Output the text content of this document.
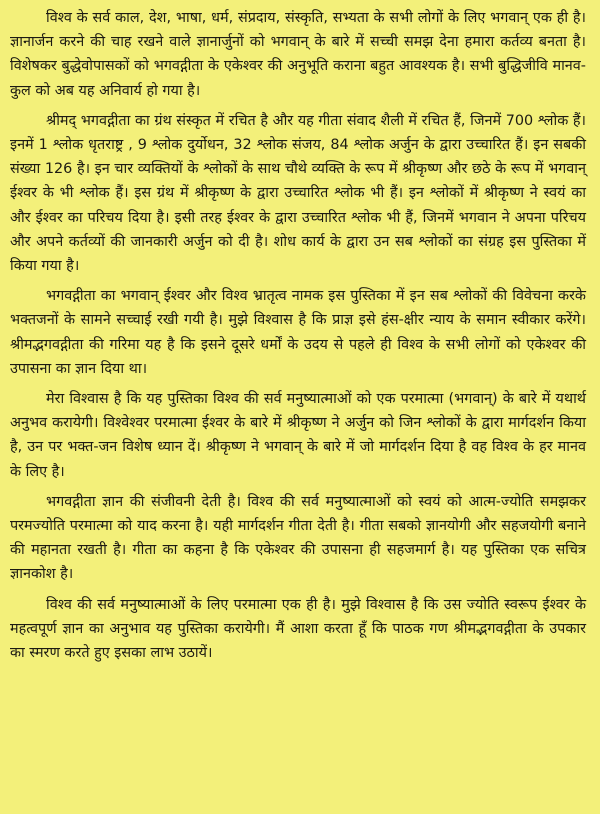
विश्व के सर्व काल, देश, भाषा, धर्म, संप्रदाय, संस्कृति, सभ्यता के सभी लोगों के लिए भगवान् एक ही है। ज्ञानार्जन करने की चाह रखने वाले ज्ञानार्जुनों को भगवान् के बारे में सच्ची समझ देना हमारा कर्तव्य बनता है। विशेषकर बुद्धेवोपासकों को भगवद्गीता के एकेश्वर की अनुभूति कराना बहुत आवश्यक है। सभी बुद्धिजीवि मानव-कुल को अब यह अनिवार्य हो गया है।

श्रीमद् भगवद्गीता का ग्रंथ संस्कृत में रचित है और यह गीता संवाद शैली में रचित हैं, जिनमें 700 श्लोक हैं। इनमें 1 श्लोक धृतराष्ट्र , 9 श्लोक दुर्योधन, 32 श्लोक संजय, 84 श्लोक अर्जुन के द्वारा उच्चारित हैं। इन सबकी संख्या 126 है। इन चार व्यक्तियों के श्लोकों के साथ चौथे व्यक्ति के रूप में श्रीकृष्ण और छठे के रूप में भगवान् ईश्वर के भी श्लोक हैं। इस ग्रंथ में श्रीकृष्ण के द्वारा उच्चारित श्लोक भी हैं। इन श्लोकों में श्रीकृष्ण ने स्वयं का और ईश्वर का परिचय दिया है। इसी तरह ईश्वर के द्वारा उच्चारित श्लोक भी हैं, जिनमें भगवान ने अपना परिचय और अपने कर्तव्यों की जानकारी अर्जुन को दी है। शोध कार्य के द्वारा उन सब श्लोकों का संग्रह इस पुस्तिका में किया गया है।

भगवद्गीता का भगवान् ईश्वर और विश्व भ्रातृत्व नामक इस पुस्तिका में इन सब श्लोकों की विवेचना करके भक्तजनों के सामने सच्चाई रखी गयी है। मुझे विश्वास है कि प्राज्ञ इसे हंस-क्षीर न्याय के समान स्वीकार करेंगे। श्रीमद्भगवद्गीता की गरिमा यह है कि इसने दूसरे धर्मों के उदय से पहले ही विश्व के सभी लोगों को एकेश्वर की उपासना का ज्ञान दिया था।

मेरा विश्वास है कि यह पुस्तिका विश्व की सर्व मनुष्यात्माओं को एक परमात्मा (भगवान्) के बारे में यथार्थ अनुभव करायेगी। विश्वेश्वर परमात्मा ईश्वर के बारे में श्रीकृष्ण ने अर्जुन को जिन श्लोकों के द्वारा मार्गदर्शन किया है, उन पर भक्त-जन विशेष ध्यान दें। श्रीकृष्ण ने भगवान् के बारे में जो मार्गदर्शन दिया है वह विश्व के हर मानव के लिए है।

भगवद्गीता ज्ञान की संजीवनी देती है। विश्व की सर्व मनुष्यात्माओं को स्वयं को आत्म-ज्योति समझकर परमज्योति परमात्मा को याद करना है। यही मार्गदर्शन गीता देती है। गीता सबको ज्ञानयोगी और सहजयोगी बनाने की महानता रखती है। गीता का कहना है कि एकेश्वर की उपासना ही सहजमार्ग है। यह पुस्तिका एक सचित्र ज्ञानकोश है।

विश्व की सर्व मनुष्यात्माओं के लिए परमात्मा एक ही है। मुझे विश्वास है कि उस ज्योति स्वरूप ईश्वर के महत्वपूर्ण ज्ञान का अनुभाव यह पुस्तिका करायेगी। मैं आशा करता हूँ कि पाठक गण श्रीमद्भगवद्गीता के उपकार का स्मरण करते हुए इसका लाभ उठायें।
